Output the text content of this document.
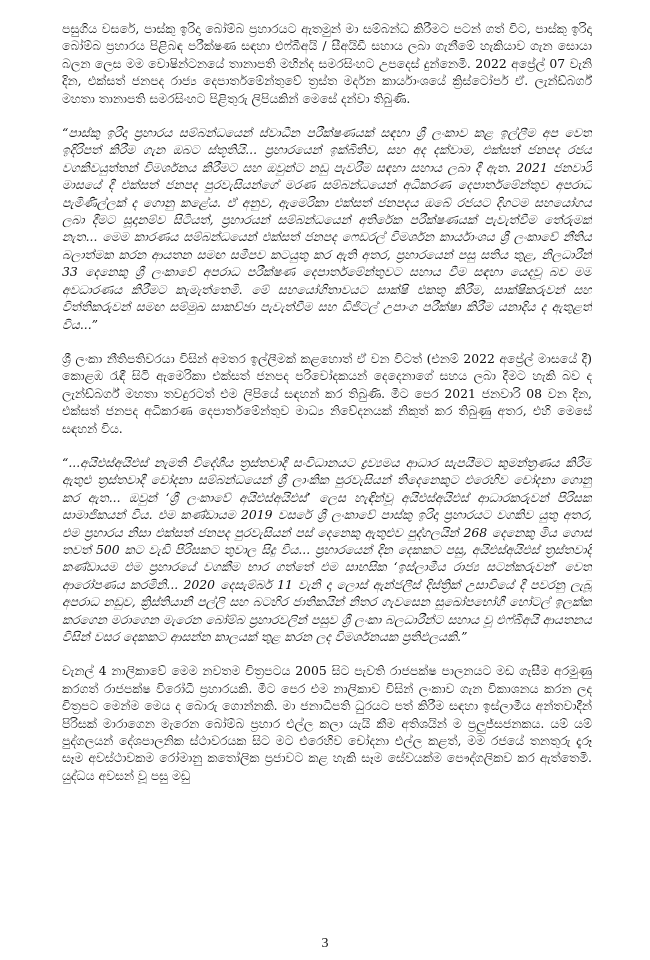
පසුගිය වසරේ, පාස්කු ඉරිදා බෝම්බ ප්‍රහාරයට ඇතමුන් මා සම්බන්ධ කිරීමට පටන් ගත් විට, පාස්කු ඉරිදා බෝම්බ ප්‍රහාරය පිළිබඳ පරීක්ෂණ සඳහා එෆ්බීඅයි / සීඅයිඩී සහාය ලබා ගැනීමේ හැකියාව ගැන සොයා බලන ලෙස මම වොෂින්ටනයේ තානාපති මහින්ද සමරසිංහට උපදෙස් දුන්නෙමි. 2022 අප්‍රේල් 07 වැනි දින, එක්සත් ජනපද රාජ්‍ය දෙපාර්තමේන්තුවේ ත්‍රස්ත මර්දන කාර්යාංශයේ ක්‍රිස්ටෝපර් ඒ. ලැන්ඩ්බර්ග් මහතා තානාපති සමරසිංහට පිළිතුරු ලිපියකින් මෙසේ දන්වා තිබුණි.

“පාස්කු ඉරිදා ප්‍රහාරය සම්බන්ධයෙන් ස්වාධීන පරීක්ෂණයක් සඳහා ශ්‍රී ලංකාව කළ ඉල්ලීම අප වෙත ඉදිරිපත් කිරීම ගැන ඔබට ස්තූතියි... ප්‍රහාරයෙන් ඉක්බිතිව, සහ අද දක්වාම, එක්සත් ජනපද රජය වගකිවයුත්තන් විමර්ශනය කිරීමට සහ ඔවුන්ට නඩු පැවරීම සඳහා සහාය ලබා දී ඇත. 2021 ජනවාරි මාසයේ දී එක්සත් ජනපද පුරවැසියන්ගේ මරණ සම්බන්ධයෙන් අධිකරණ දෙපාර්තමේන්තුව අපරාධ පැමිණිල්ලක් ද ගොනු කළේය. ඒ අනුව, ඇමෙරිකා එක්සත් ජනපදය ඔබේ රජයට දිගටම සහයෝගය ලබා දීමට සූදානම්ව සිටියත්, ප්‍රහාරයන් සම්බන්ධයෙන් අතිරේක පරීක්ෂණයක් පැවැත්වීම තේරුමක් නැත... මෙම කාරණය සම්බන්ධයෙන් එක්සත් ජනපද ෆෙඩරල් විමර්ශන කාර්යාංශය ශ්‍රී ලංකාවේ නීතිය බලාත්මක කරන ආයතන සමඟ සමීපව කටයුතු කර ඇති අතර, ප්‍රහාරයෙන් පසු සතිය තුළ, නිලධාරීන් 33 දෙනෙකු ශ්‍රී ලංකාවේ අපරාධ පරීක්ෂණ දෙපාර්තමේන්තුවට සහාය වීම සඳහා යෙදවූ බව මම අවධාරණය කිරීමට කැමැත්තෙමි. මේ සහයෝගිතාවයට සාක්ෂි එකතු කිරීම, සාක්ෂිකරුවන් සහ විත්තිකරුවන් සමඟ සම්මුඛ සාකච්ඡා පැවැත්වීම සහ ඩිජිටල් උපාංග පරීක්ෂා කිරීම යනාදිය ද ඇතුළත් විය...”

ශ්‍රී ලංකා නීතිපතිවරයා විසින් අමතර ඉල්ලීමක් කළහොත් ඒ වන විටත් (එනම් 2022 අප්‍රේල් මාසයේ දී) කොළඹ රැඳී සිටි ඇමෙරිකා එක්සත් ජනපද පරිවෝදකයන් දෙදෙනාගේ සහය ලබා දීමට හැකි බව ද ලැන්ඩ්බර්ග් මහතා තවදුරටත් එම ලිපියේ සඳහන් කර තිබුණි. මීට පෙර 2021 ජනවාරි 08 වන දින, එක්සත් ජනපද අධිකරණ දෙපාර්තමේන්තුව මාධ්‍ය නිවේදනයක් නිකුත් කර තිබුණු අතර, එහි මෙසේ සඳහන් විය.

“...අයිඑස්අයිඑස් නැමති විදේශීය ත්‍රස්තවාදී සංවිධානයට ද්‍රව්‍යමය ආධාර සැපයීමට කුමන්ත්‍රණය කිරීම ඇතුළු ත්‍රස්තවාදී චෝදනා සම්බන්ධයෙන් ශ්‍රී ලාංකික පුරවැසියන් තිදෙනෙකුට එරෙහිව චෝදනා ගොනු කර ඇත... ඔවුන් ‘ශ්‍රී ලංකාවේ අයිඑස්අයිඑස්’ ලෙස හැඳින්වූ අයිඑස්අයිඑස් ආධාරකරුවන් පිරිසක සාමාජිකයන් විය. එම කණ්ඩායම 2019 වසරේ ශ්‍රී ලංකාවේ පාස්කු ඉරිදා ප්‍රහාරයට වගකිව යුතු අතර, එම ප්‍රහාරය නිසා එක්සත් ජනපද පුරවැසියන් පස් දෙනෙකු ඇතුළුව පුද්ගලයින් 268 දෙනෙකු මිය ගොස් තවත් 500 කට වැඩි පිරිසකට තුවාල සිදු විය... ප්‍රහාරයෙන් දින දෙකකට පසු, අයිඑස්අයිඑස් ත්‍රස්තවාදී කණ්ඩායම එම ප්‍රහාරයේ වගකීම භාර ගත්තේ එම සාහසික ‘ඉස්ලාමීය රාජ්‍ය සටන්කරුවන්’ වෙත ආරෝපණය කරමිනි... 2020 දෙසැම්බර් 11 වැනි දා ලොස් ඇන්ජලීස් දිස්ත්‍රික් උසාවියේ දී පවරනු ලැබූ අපරාධ නඩුව, ක්‍රිස්තියානි පල්ලි සහ බටහිර ජාතිකයින් නිතර ගැවසෙන සුඛෝපභෝගී හෝටල් ඉලක්ක කරගෙන මරාගෙන මැරෙන බෝම්බ ප්‍රහාරවලින් පසුව ශ්‍රී ලංකා බලධාරීන්ට සහාය වූ එෆ්බීඅයි ආයතනය විසින් වසර දෙකකට ආසන්න කාලයක් තුළ කරන ලද විමර්ශනයක ප්‍රතිඵලයකි.”

චැනල් 4 නාලිකාවේ මෙම නවතම චිත්‍රපටය 2005 සිට පැවති රාජපක්ෂ පාලනයට මඩ ගැසීම අරමුණු කරගත් රාජපක්ෂ විරෝධී ප්‍රහාරයකි. මීට පෙර එම නාලිකාව විසින් ලංකාව ගැන විකාශනය කරන ලද චිත්‍රපට මෙන්ම මෙය ද බොරු ගොන්නකි. මා ජනාධිපති ධුරයට පත් කිරීම සඳහා ඉස්ලාමීය අන්තවාදීන් පිරිසක් මාරාගෙන මැරෙන බෝම්බ ප්‍රහාර එල්ල කලා යැයි කීම අතිශයින් ම ප්‍රලුජ්සජනකය. යම් යම් පුද්ගලයන් දේශපාලනික ස්ථාවරයක සිට මට එරෙහිව චෝදනා එල්ල කළත්, මම රජයේ තනතුරු දැරූ සෑම අවස්ථාවකම රෝමානු කතෝලික ප්‍රජාවට කළ හැකි සෑම සේවයක්ම පෞද්ගලිකව කර ඇත්තෙමි. යුද්ධය අවසන් වූ පසු මඩු

3
